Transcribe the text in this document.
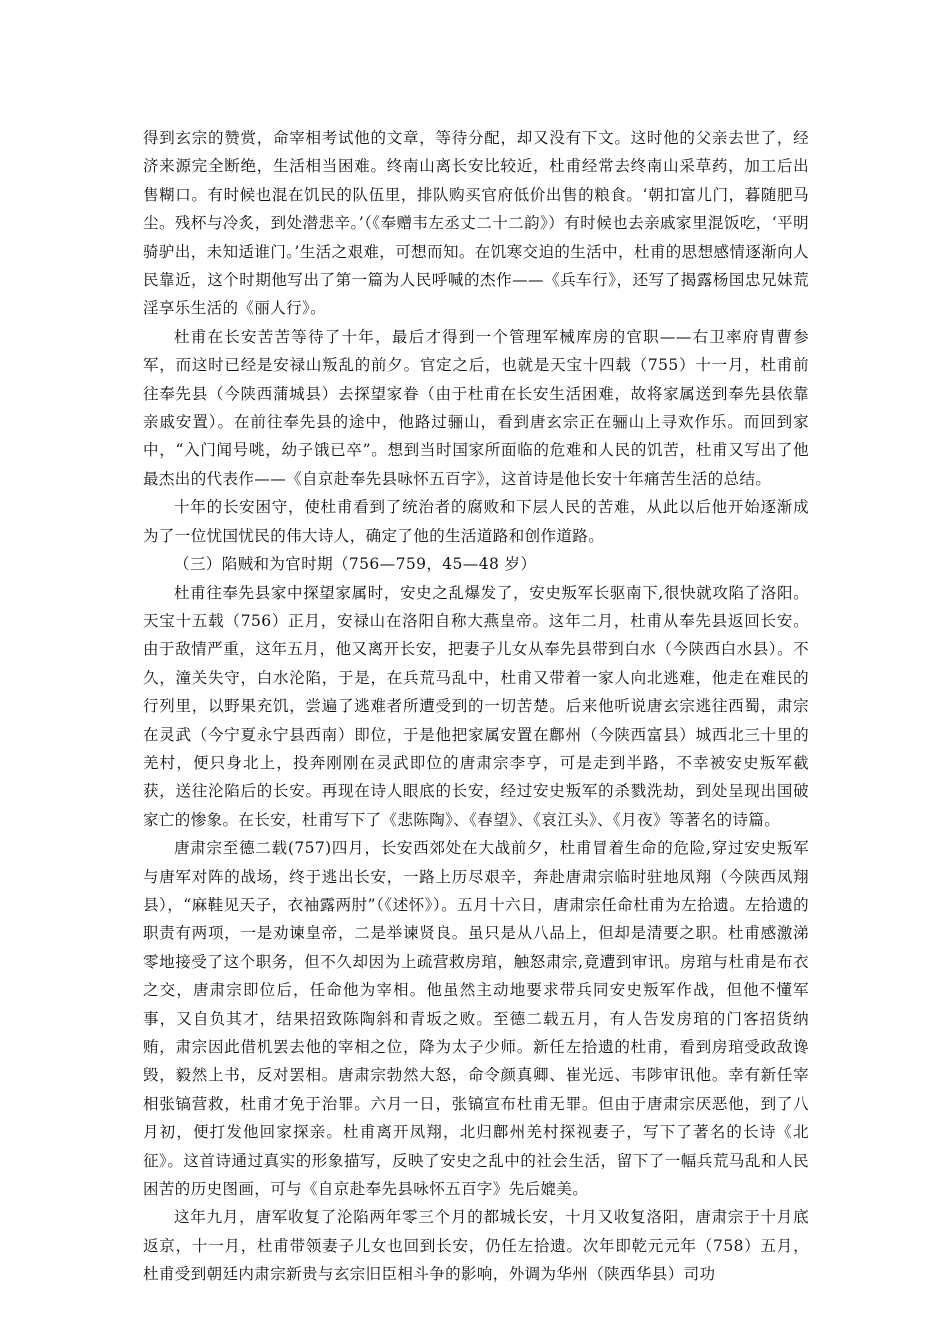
得到玄宗的赞赏，命宰相考试他的文章，等待分配，却又没有下文。这时他的父亲去世了，经济来源完全断绝，生活相当困难。终南山离长安比较近，杜甫经常去终南山采草药，加工后出售糊口。有时候也混在饥民的队伍里，排队购买官府低价出售的粮食。‘朝扣富儿门，暮随肥马尘。残杯与冷炙，到处潜悲辛。’（《奉赠韦左丞丈二十二韵》）有时候也去亲戚家里混饭吃，‘平明骑驴出，未知适谁门。’生活之艰难，可想而知。在饥寒交迫的生活中，杜甫的思想感情逐渐向人民靠近，这个时期他写出了第一篇为人民呼喊的杰作——《兵车行》，还写了揭露杨国忠兄妹荒淫享乐生活的《丽人行》。

杜甫在长安苦苦等待了十年，最后才得到一个管理军械库房的官职——右卫率府胄曹参军，而这时已经是安禄山叛乱的前夕。官定之后，也就是天宝十四载（755）十一月，杜甫前往奉先县（今陕西蒲城县）去探望家眷（由于杜甫在长安生活困难，故将家属送到奉先县依靠亲戚安置）。在前往奉先县的途中，他路过骊山，看到唐玄宗正在骊山上寻欢作乐。而回到家中，“入门闻号咷，幼子饿已卒”。想到当时国家所面临的危难和人民的饥苦，杜甫又写出了他最杰出的代表作——《自京赴奉先县咏怀五百字》，这首诗是他长安十年痛苦生活的总结。

十年的长安困守，使杜甫看到了统治者的腐败和下层人民的苦难，从此以后他开始逐渐成为了一位忧国忧民的伟大诗人，确定了他的生活道路和创作道路。

（三）陷贼和为官时期（756—759，45—48 岁）

杜甫往奉先县家中探望家属时，安史之乱爆发了，安史叛军长驱南下,很快就攻陷了洛阳。天宝十五载（756）正月，安禄山在洛阳自称大燕皇帝。这年二月，杜甫从奉先县返回长安。由于敌情严重，这年五月，他又离开长安，把妻子儿女从奉先县带到白水（今陕西白水县）。不久，潼关失守，白水沦陷，于是，在兵荒马乱中，杜甫又带着一家人向北逃难，他走在难民的行列里，以野果充饥，尝遍了逃难者所遭受到的一切苦楚。后来他听说唐玄宗逃往西蜀，肃宗在灵武（今宁夏永宁县西南）即位，于是他把家属安置在鄜州（今陕西富县）城西北三十里的羌村，便只身北上，投奔刚刚在灵武即位的唐肃宗李亨，可是走到半路，不幸被安史叛军截获，送往沦陷后的长安。再现在诗人眼底的长安，经过安史叛军的杀戮洗劫，到处呈现出国破家亡的惨象。在长安，杜甫写下了《悲陈陶》、《春望》、《哀江头》、《月夜》等著名的诗篇。

唐肃宗至德二载(757)四月，长安西郊处在大战前夕，杜甫冒着生命的危险,穿过安史叛军与唐军对阵的战场，终于逃出长安，一路上历尽艰辛，奔赴唐肃宗临时驻地凤翔（今陕西凤翔县），“麻鞋见天子，衣袖露两肘”（《述怀》）。五月十六日，唐肃宗任命杜甫为左拾遗。左拾遗的职责有两项，一是劝谏皇帝，二是举谏贤良。虽只是从八品上，但却是清要之职。杜甫感激涕零地接受了这个职务，但不久却因为上疏营救房琯，触怒肃宗,竟遭到审讯。房琯与杜甫是布衣之交，唐肃宗即位后，任命他为宰相。他虽然主动地要求带兵同安史叛军作战，但他不懂军事，又自负其才，结果招致陈陶斜和青坂之败。至德二载五月，有人告发房琯的门客招货纳贿，肃宗因此借机罢去他的宰相之位，降为太子少师。新任左拾遗的杜甫，看到房琯受政敌谗毁，毅然上书，反对罢相。唐肃宗勃然大怒，命令颜真卿、崔光远、韦陟审讯他。幸有新任宰相张镐营救，杜甫才免于治罪。六月一日，张镐宣布杜甫无罪。但由于唐肃宗厌恶他，到了八月初，便打发他回家探亲。杜甫离开凤翔，北归鄜州羌村探视妻子，写下了著名的长诗《北征》。这首诗通过真实的形象描写，反映了安史之乱中的社会生活，留下了一幅兵荒马乱和人民困苦的历史图画，可与《自京赴奉先县咏怀五百字》先后媲美。

这年九月，唐军收复了沦陷两年零三个月的都城长安，十月又收复洛阳，唐肃宗于十月底返京，十一月，杜甫带领妻子儿女也回到长安，仍任左拾遗。次年即乾元元年（758）五月，杜甫受到朝廷内肃宗新贵与玄宗旧臣相斗争的影响，外调为华州（陕西华县）司功
